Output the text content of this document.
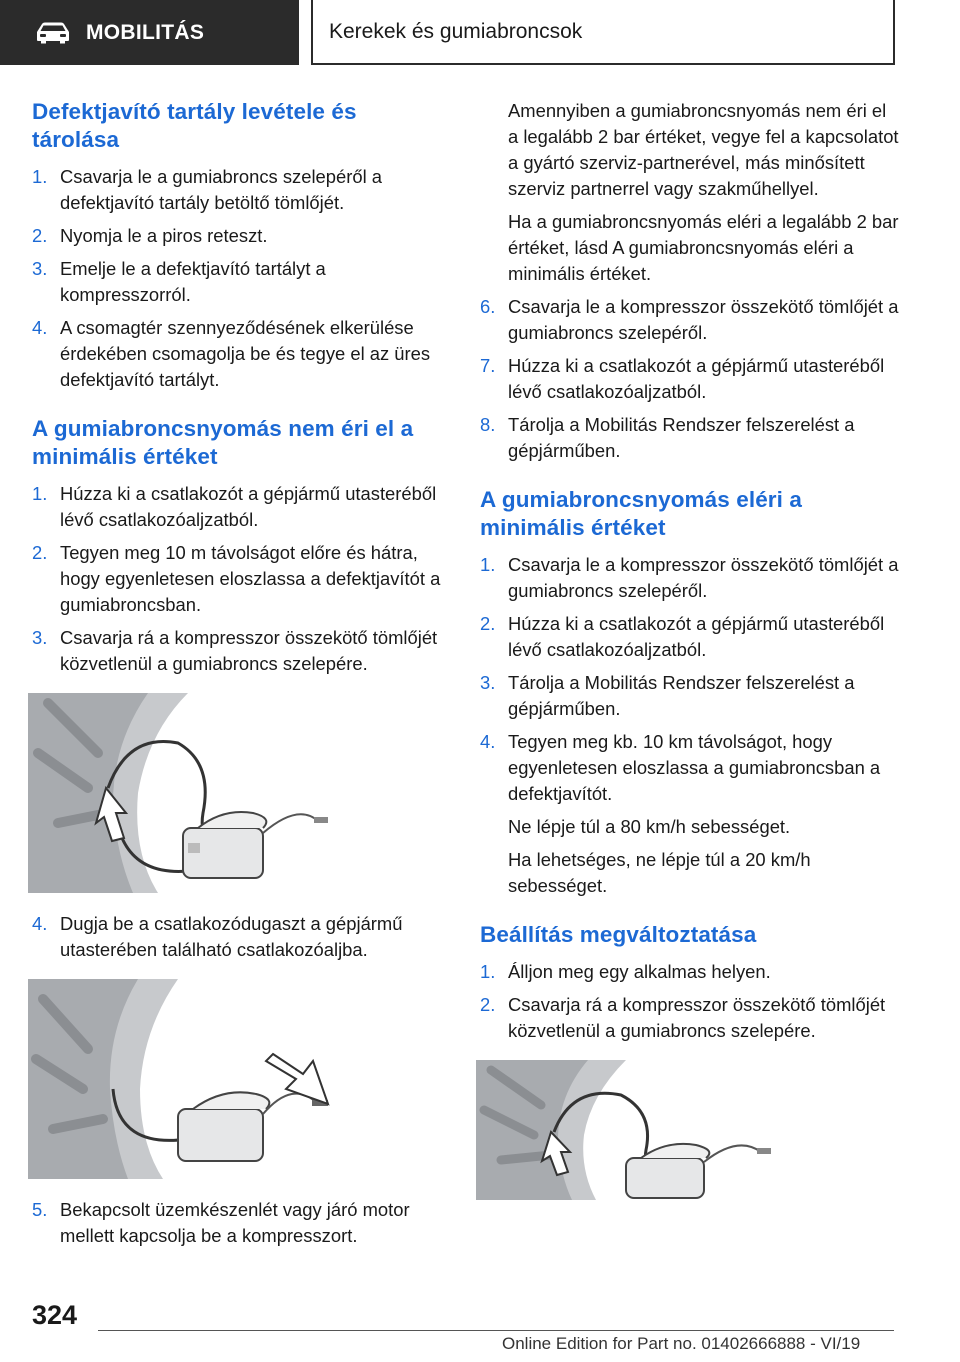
MOBILITÁS	Kerekek és gumiabroncsok
Defektjavító tartály levétele és tárolása
1. Csavarja le a gumiabroncs szelepéről a defektjavító tartály betöltő tömlőjét.
2. Nyomja le a piros reteszt.
3. Emelje le a defektjavító tartályt a kompresszorról.
4. A csomagtér szennyeződésének elkerülése érdekében csomagolja be és tegye el az üres defektjavító tartályt.
A gumiabroncsnyomás nem éri el a minimális értéket
1. Húzza ki a csatlakozót a gépjármű utasteréből lévő csatlakozóaljzatból.
2. Tegyen meg 10 m távolságot előre és hátra, hogy egyenletesen eloszlassa a defektjavítót a gumiabroncsban.
3. Csavarja rá a kompresszor összekötő tömlőjét közvetlenül a gumiabroncs szelepére.
4. Dugja be a csatlakozódugaszt a gépjármű utasterében található csatlakozóaljba.
5. Bekapcsolt üzemkészenlét vagy járó motor mellett kapcsolja be a kompresszort.

Amennyiben a gumiabroncsnyomás nem éri el a legalább 2 bar értéket, vegye fel a kapcsolatot a gyártó szerviz-partnerével, más minősített szerviz partnerrel vagy szakműhellyel.

Ha a gumiabroncsnyomás eléri a legalább 2 bar értéket, lásd A gumiabroncsnyomás eléri a minimális értéket.

6. Csavarja le a kompresszor összekötő tömlőjét a gumiabroncs szelepéről.
7. Húzza ki a csatlakozót a gépjármű utasteréből lévő csatlakozóaljzatból.
8. Tárolja a Mobilitás Rendszer felszerelést a gépjárműben.
A gumiabroncsnyomás eléri a minimális értéket
1. Csavarja le a kompresszor összekötő tömlőjét a gumiabroncs szelepéről.
2. Húzza ki a csatlakozót a gépjármű utasteréből lévő csatlakozóaljzatból.
3. Tárolja a Mobilitás Rendszer felszerelést a gépjárműben.
4. Tegyen meg kb. 10 km távolságot, hogy egyenletesen eloszlassa a gumiabroncsban a defektjavítót.

Ne lépje túl a 80 km/h sebességet.

Ha lehetséges, ne lépje túl a 20 km/h sebességet.

Beállítás megváltoztatása
1. Álljon meg egy alkalmas helyen.
2. Csavarja rá a kompresszor összekötő tömlőjét közvetlenül a gumiabroncs szelepére.
324
Online Edition for Part no. 01402666888 - VI/19
